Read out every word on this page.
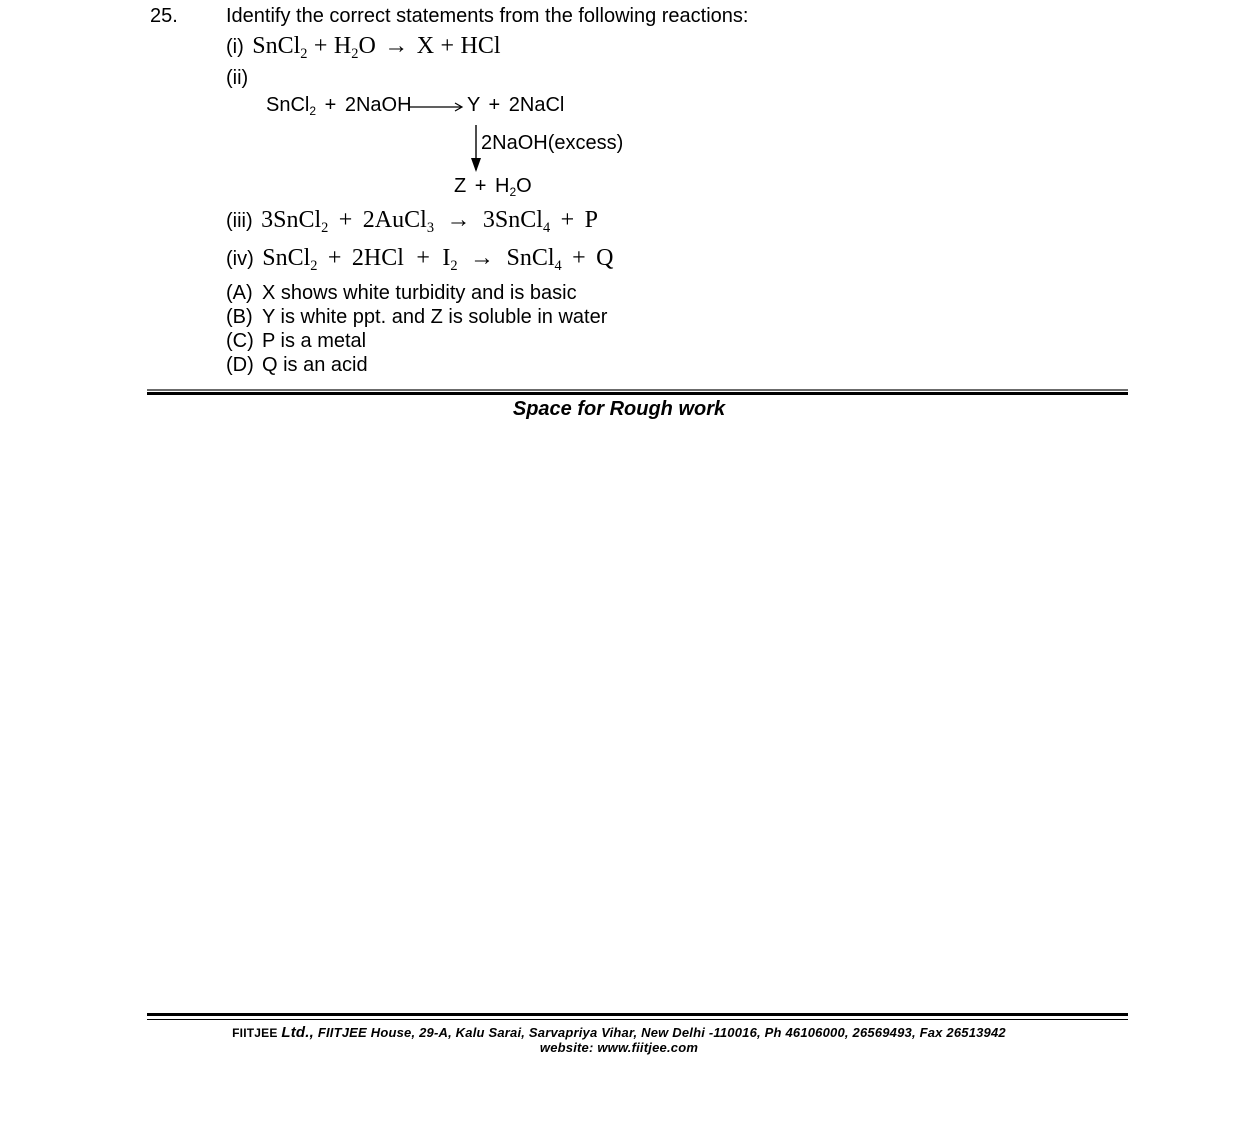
25. Identify the correct statements from the following reactions:
(i) SnCl$_2$ + $H_2O \to X$ + HCl
(ii)
SnCl$_2$ + 2NaOH	Y + 2NaCl
2NaOH(excess)
$Z + H_2O$
(iii) 3SnCl$_2$ + 2AuCl$_3$ → 3SnCl$_4$ + P
(iv) SnCl$_2$ + $2HCl + I_2$ → SnCl$_4$ + Q
(A) X shows white turbidity and is basic
(B) Y is white ppt. and Z is soluble in water
(C) P is a metal
(D) Q is an acid
Space for Rough work
FIITJEE Ltd., FIITJEE House, 29-A, Kalu Sarai, Sarvapriya Vihar, New Delhi -110016, Ph 46106000, 26569493, Fax 26513942
website: www.fiitjee.com
